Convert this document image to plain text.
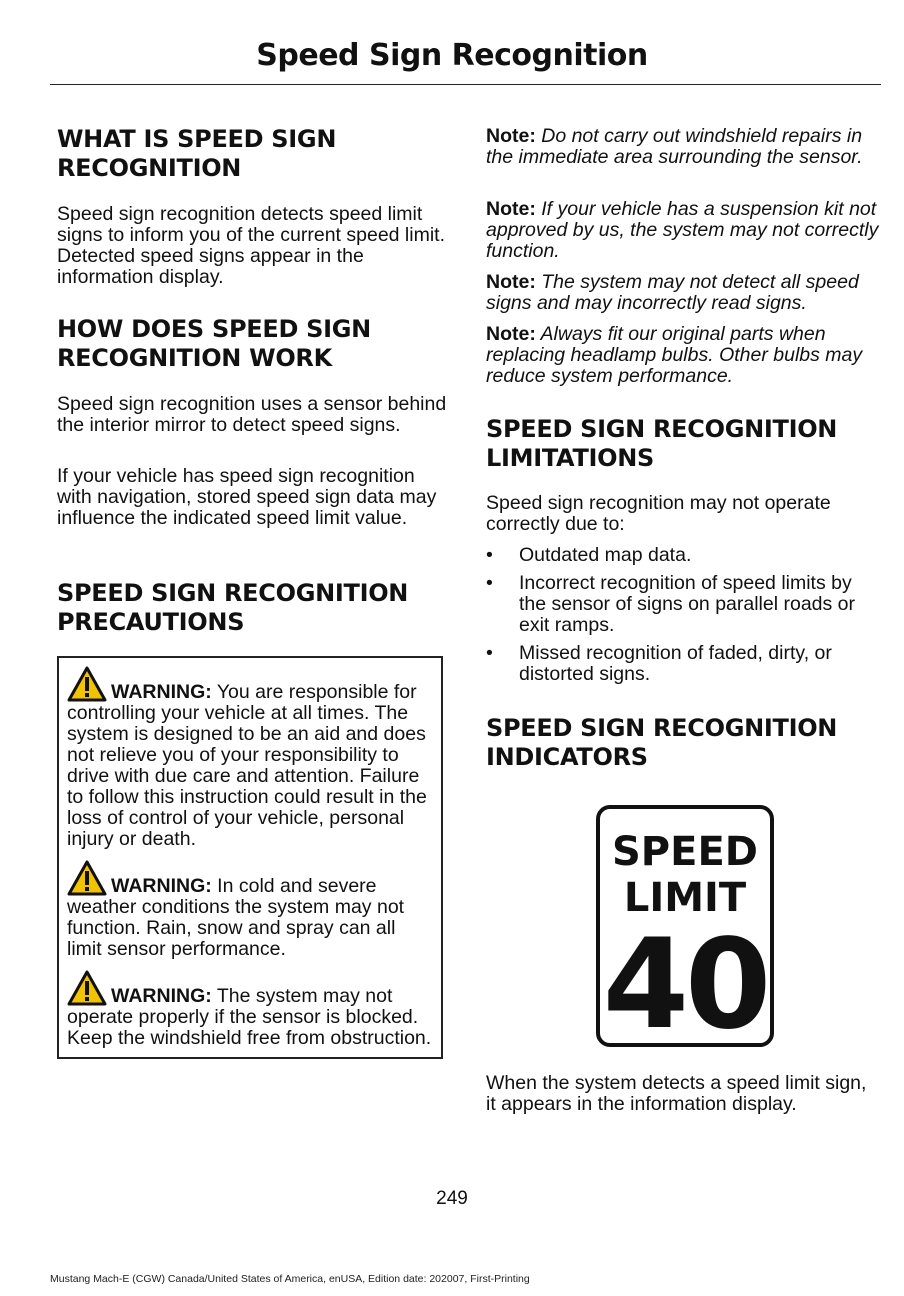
Speed Sign Recognition
WHAT IS SPEED SIGN RECOGNITION

Speed sign recognition detects speed limit signs to inform you of the current speed limit. Detected speed signs appear in the information display.

HOW DOES SPEED SIGN RECOGNITION WORK

Speed sign recognition uses a sensor behind the interior mirror to detect speed signs.

If your vehicle has speed sign recognition with navigation, stored speed sign data may influence the indicated speed limit value.

SPEED SIGN RECOGNITION PRECAUTIONS

WARNING: You are responsible for controlling your vehicle at all times. The system is designed to be an aid and does not relieve you of your responsibility to drive with due care and attention. Failure to follow this instruction could result in the loss of control of your vehicle, personal injury or death.

WARNING: In cold and severe weather conditions the system may not function. Rain, snow and spray can all limit sensor performance.

WARNING: The system may not operate properly if the sensor is blocked. Keep the windshield free from obstruction.

Note: Do not carry out windshield repairs in the immediate area surrounding the sensor.

Note: If your vehicle has a suspension kit not approved by us, the system may not correctly function.

Note: The system may not detect all speed signs and may incorrectly read signs.

Note: Always fit our original parts when replacing headlamp bulbs. Other bulbs may reduce system performance.

SPEED SIGN RECOGNITION LIMITATIONS

Speed sign recognition may not operate correctly due to:

• Outdated map data.
• Incorrect recognition of speed limits by the sensor of signs on parallel roads or exit ramps.
• Missed recognition of faded, dirty, or distorted signs.
SPEED SIGN RECOGNITION INDICATORS

When the system detects a speed limit sign, it appears in the information display.

SPEED
LIMIT
40
249
Mustang Mach-E (CGW) Canada/United States of America, enUSA, Edition date: 202007, First-Printing
